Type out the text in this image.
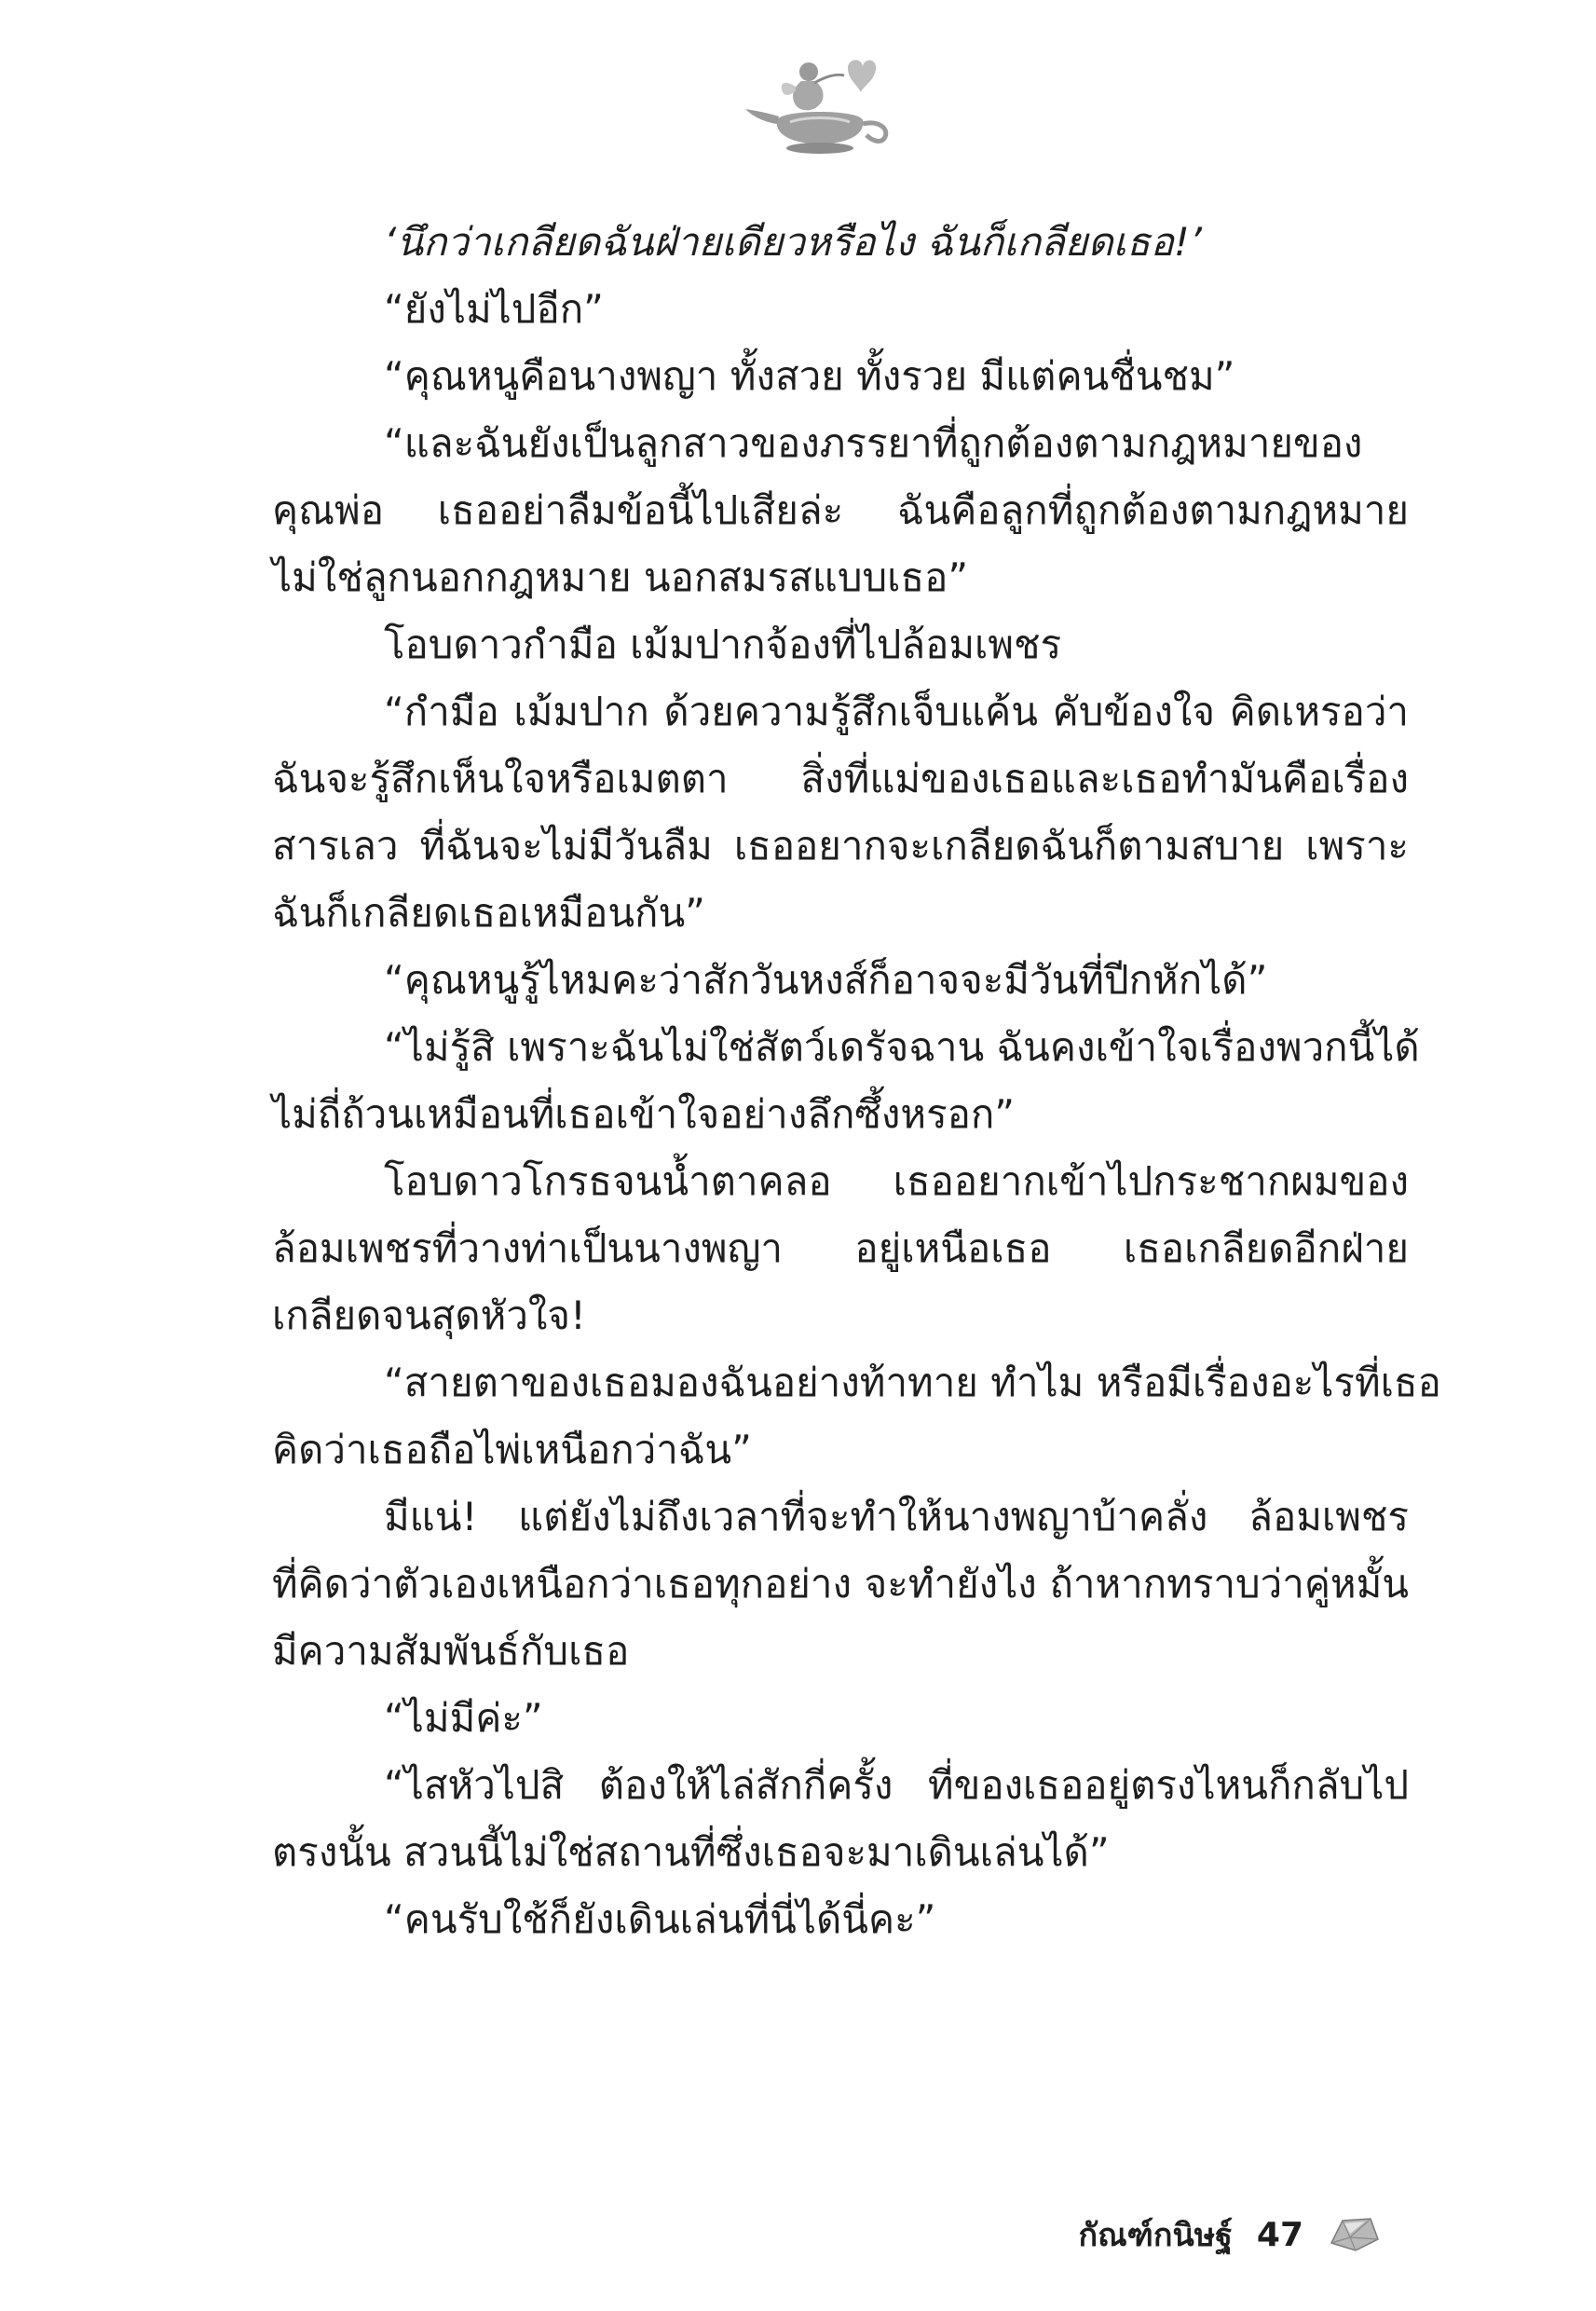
‘นึกว่าเกลียดฉันฝ่ายเดียวหรือไง ฉันก็เกลียดเธอ!’
“ยังไม่ไปอีก”
“คุณหนูคือนางพญา ทั้งสวย ทั้งรวย มีแต่คนชื่นชม”
“และฉันยังเป็นลูกสาวของภรรยาที่ถูกต้องตามกฎหมายของ
คุณพ่อ เธออย่าลืมข้อนี้ไปเสียล่ะ ฉันคือลูกที่ถูกต้องตามกฎหมาย
ไม่ใช่ลูกนอกกฎหมาย นอกสมรสแบบเธอ”
โอบดาวกำมือ เม้มปากจ้องที่ไปล้อมเพชร
“กำมือ เม้มปาก ด้วยความรู้สึกเจ็บแค้น คับข้องใจ คิดเหรอว่า
ฉันจะรู้สึกเห็นใจหรือเมตตา สิ่งที่แม่ของเธอและเธอทำมันคือเรื่อง
สารเลว ที่ฉันจะไม่มีวันลืม เธออยากจะเกลียดฉันก็ตามสบาย เพราะ
ฉันก็เกลียดเธอเหมือนกัน”
“คุณหนูรู้ไหมคะว่าสักวันหงส์ก็อาจจะมีวันที่ปีกหักได้”
“ไม่รู้สิ เพราะฉันไม่ใช่สัตว์เดรัจฉาน ฉันคงเข้าใจเรื่องพวกนี้ได้
ไม่ถี่ถ้วนเหมือนที่เธอเข้าใจอย่างลึกซึ้งหรอก”
โอบดาวโกรธจนน้ำตาคลอ เธออยากเข้าไปกระชากผมของ
ล้อมเพชรที่วางท่าเป็นนางพญา อยู่เหนือเธอ เธอเกลียดอีกฝ่าย
เกลียดจนสุดหัวใจ!
“สายตาของเธอมองฉันอย่างท้าทาย ทำไม หรือมีเรื่องอะไรที่เธอ
คิดว่าเธอถือไพ่เหนือกว่าฉัน”
มีแน่! แต่ยังไม่ถึงเวลาที่จะทำให้นางพญาบ้าคลั่ง ล้อมเพชร
ที่คิดว่าตัวเองเหนือกว่าเธอทุกอย่าง จะทำยังไง ถ้าหากทราบว่าคู่หมั้น
มีความสัมพันธ์กับเธอ
“ไม่มีค่ะ”
“ไสหัวไปสิ ต้องให้ไล่สักกี่ครั้ง ที่ของเธออยู่ตรงไหนก็กลับไป
ตรงนั้น สวนนี้ไม่ใช่สถานที่ซึ่งเธอจะมาเดินเล่นได้”
“คนรับใช้ก็ยังเดินเล่นที่นี่ได้นี่คะ”
กัณฑ์กนิษฐ์ 47
